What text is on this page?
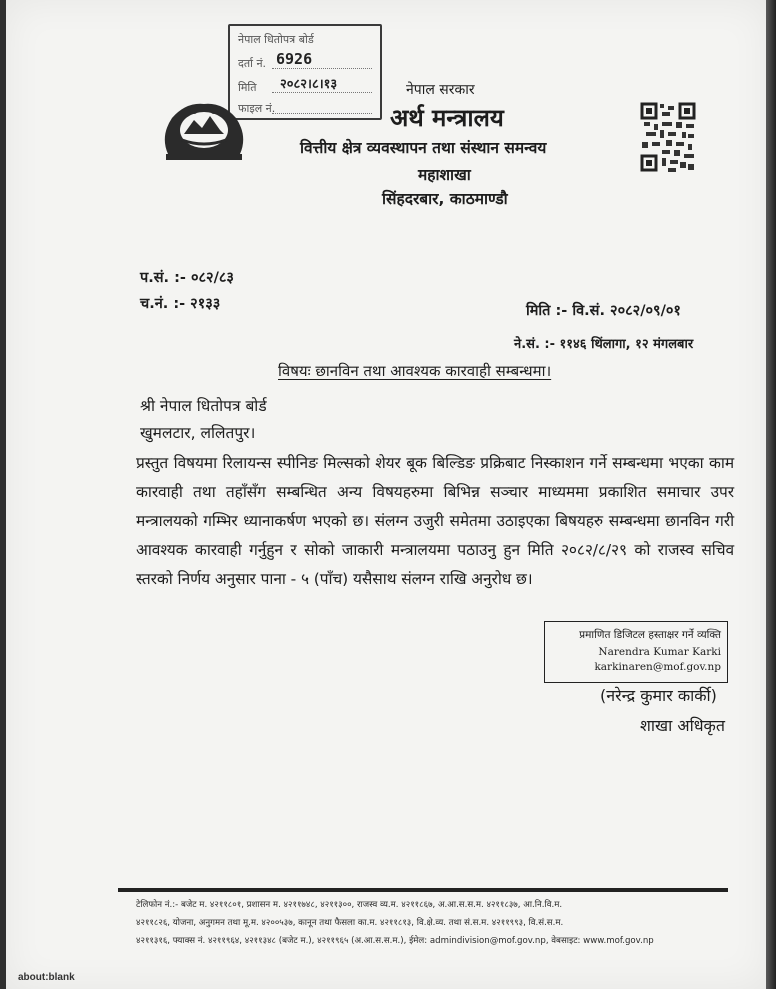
नेपाल धितोपत्र बोर्ड
दर्ता नं. 6926
मिति २०८२।८।१३
फाइल नं.
नेपाल सरकार
अर्थ मन्त्रालय
वित्तीय क्षेत्र व्यवस्थापन तथा संस्थान समन्वय
महाशाखा
सिंहदरबार, काठमाण्डौ
प.सं. :- ०८२/८३
च.नं. :- २१३३	मिति :- वि.सं. २०८२/०९/०१
ने.सं. :- ११४६ थिंलागा, १२ मंगलबार
विषयः छानविन तथा आवश्यक कारवाही सम्बन्धमा।
श्री नेपाल धितोपत्र बोर्ड
खुमलटार, ललितपुर।
प्रस्तुत विषयमा रिलायन्स स्पीनिङ मिल्सको शेयर बूक बिल्डिङ प्रक्रिबाट निस्काशन गर्ने सम्बन्धमा भएका काम कारवाही तथा तहाँसँग सम्बन्धित अन्य विषयहरुमा बिभिन्न सञ्चार माध्यममा प्रकाशित समाचार उपर मन्त्रालयको गम्भिर ध्यानाकर्षण भएको छ। संलग्न उजुरी समेतमा उठाइएका बिषयहरु सम्बन्धमा छानविन गरी आवश्यक कारवाही गर्नुहुन र सोको जाकारी मन्त्रालयमा पठाउनु हुन मिति २०८२/८/२९ को राजस्व सचिव स्तरको निर्णय अनुसार पाना - ५ (पाँच) यसैसाथ संलग्न राखि अनुरोध छ।
प्रमाणित डिजिटल हस्ताक्षर गर्ने व्यक्ति
Narendra Kumar Karki
karkinaren@mof.gov.np
(नरेन्द्र कुमार कार्की)
शाखा अधिकृत
टेलिफोन नं.:- बजेट म. ४२११८०१, प्रशासन म. ४२११७४८, ४२११३००, राजस्व व्य.म. ४२११८६७, अ.आ.स.स.म. ४२११८३७, आ.नि.वि.म.
४२११८२६, योजना, अनुगमन तथा मू.म. ४२००५३७, कानून तथा फैसला का.म. ४२११८१३, वि.क्षे.व्य. तथा सं.स.म. ४२११९९३, वि.सं.स.म.
४२११३१६, फ्याक्स नं. ४२११९६४, ४२११३४८ (बजेट म.), ४२११९६५ (अ.आ.स.स.म.), ईमेल: admindivision@mof.gov.np, वेबसाइट: www.mof.gov.np
about:blank
